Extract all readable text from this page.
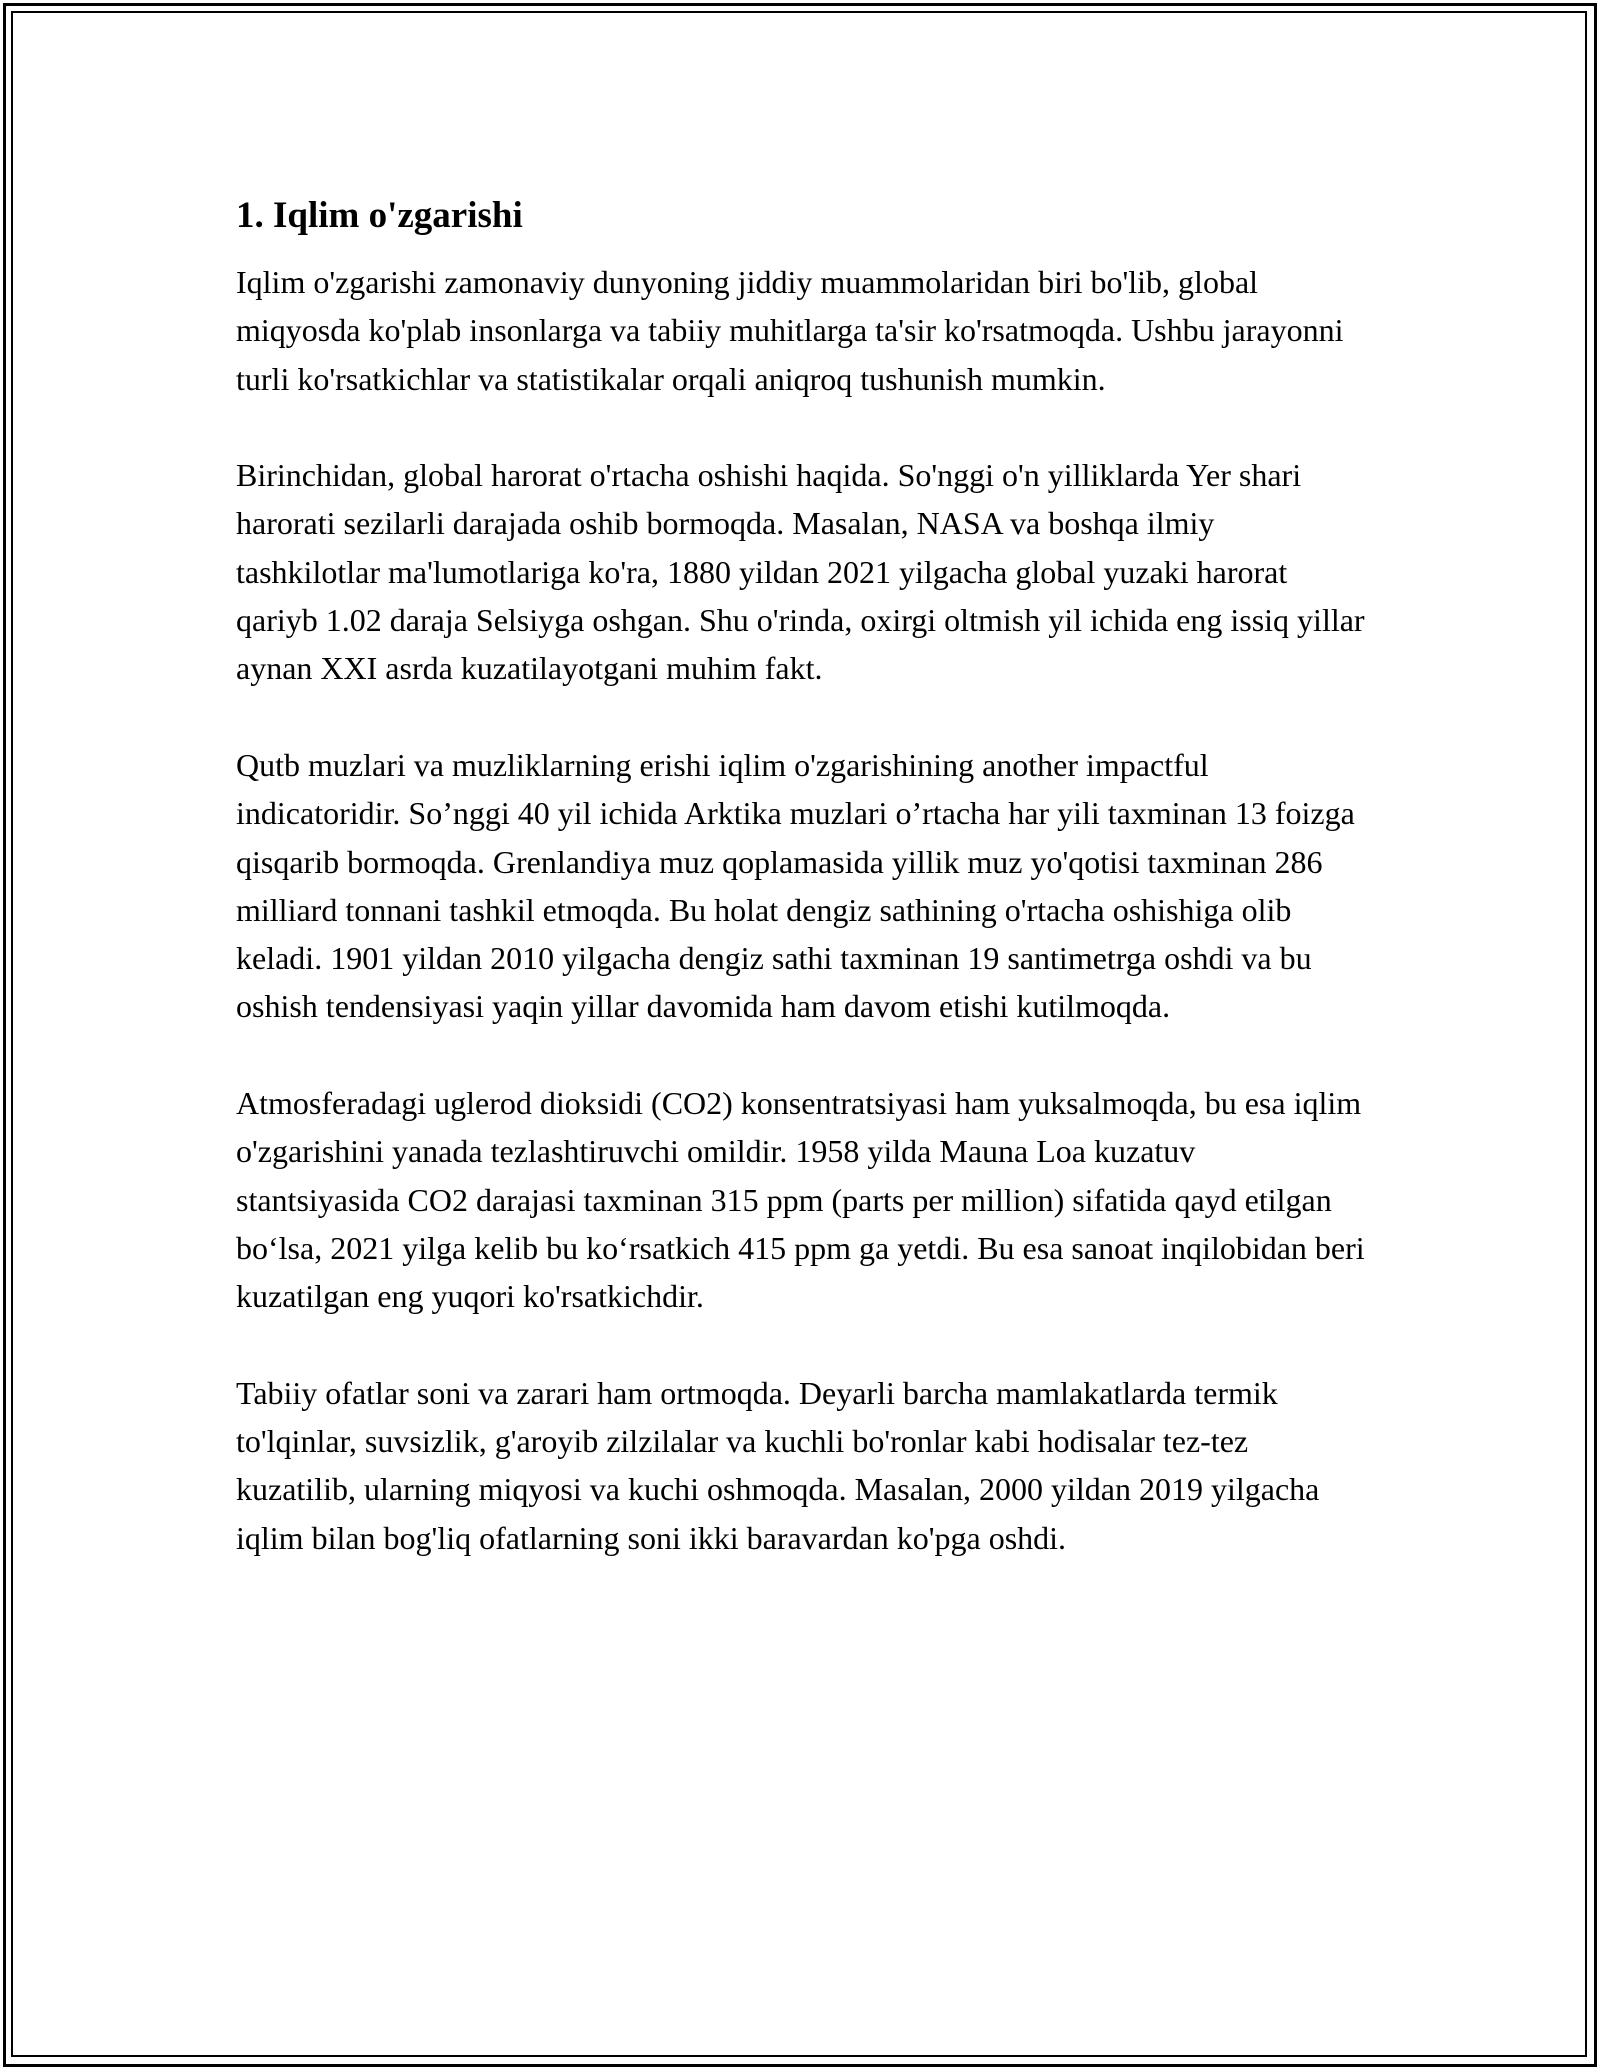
1. Iqlim o'zgarishi

Iqlim o'zgarishi zamonaviy dunyoning jiddiy muammolaridan biri bo'lib, global miqyosda ko'plab insonlarga va tabiiy muhitlarga ta'sir ko'rsatmoqda. Ushbu jarayonni turli ko'rsatkichlar va statistikalar orqali aniqroq tushunish mumkin.

Birinchidan, global harorat o'rtacha oshishi haqida. So'nggi o'n yilliklarda Yer shari harorati sezilarli darajada oshib bormoqda. Masalan, NASA va boshqa ilmiy tashkilotlar ma'lumotlariga ko'ra, 1880 yildan 2021 yilgacha global yuzaki harorat qariyb 1.02 daraja Selsiyga oshgan. Shu o'rinda, oxirgi oltmish yil ichida eng issiq yillar aynan XXI asrda kuzatilayotgani muhim fakt.

Qutb muzlari va muzliklarning erishi iqlim o'zgarishining another impactful indicatoridir. So’nggi 40 yil ichida Arktika muzlari o’rtacha har yili taxminan 13 foizga qisqarib bormoqda. Grenlandiya muz qoplamasida yillik muz yo'qotisi taxminan 286 milliard tonnani tashkil etmoqda. Bu holat dengiz sathining o'rtacha oshishiga olib keladi. 1901 yildan 2010 yilgacha dengiz sathi taxminan 19 santimetrga oshdi va bu oshish tendensiyasi yaqin yillar davomida ham davom etishi kutilmoqda.

Atmosferadagi uglerod dioksidi (CO2) konsentratsiyasi ham yuksalmoqda, bu esa iqlim o'zgarishini yanada tezlashtiruvchi omildir. 1958 yilda Mauna Loa kuzatuv stantsiyasida CO2 darajasi taxminan 315 ppm (parts per million) sifatida qayd etilgan bo‘lsa, 2021 yilga kelib bu ko‘rsatkich 415 ppm ga yetdi. Bu esa sanoat inqilobidan beri kuzatilgan eng yuqori ko'rsatkichdir.

Tabiiy ofatlar soni va zarari ham ortmoqda. Deyarli barcha mamlakatlarda termik to'lqinlar, suvsizlik, g'aroyib zilzilalar va kuchli bo'ronlar kabi hodisalar tez-tez kuzatilib, ularning miqyosi va kuchi oshmoqda. Masalan, 2000 yildan 2019 yilgacha iqlim bilan bog'liq ofatlarning soni ikki baravardan ko'pga oshdi.
